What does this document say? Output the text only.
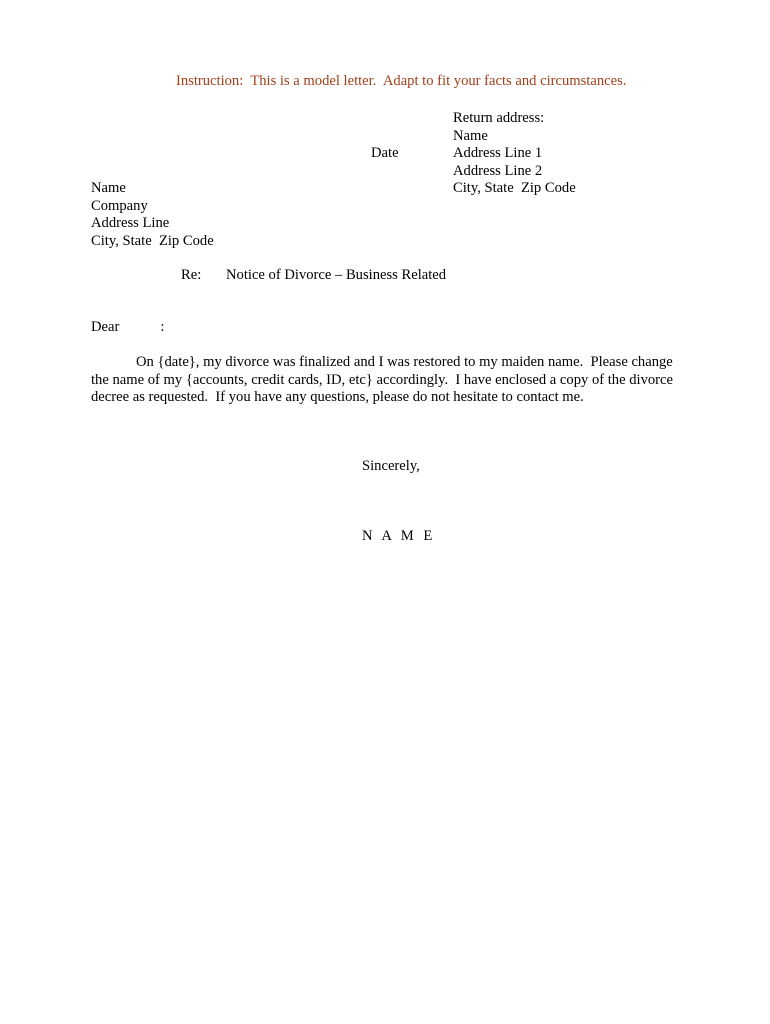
Instruction:  This is a model letter.  Adapt to fit your facts and circumstances.
Return address:
Name
Address Line 1
Address Line 2
City, State  Zip Code
Date
Name
Company
Address Line
City, State  Zip Code
Re: Notice of Divorce – Business Related
Dear	:
On {date}, my divorce was finalized and I was restored to my maiden name.  Please change
the name of my {accounts, credit cards, ID, etc} accordingly.  I have enclosed a copy of the divorce
decree as requested.  If you have any questions, please do not hesitate to contact me.
Sincerely,
N A M E
